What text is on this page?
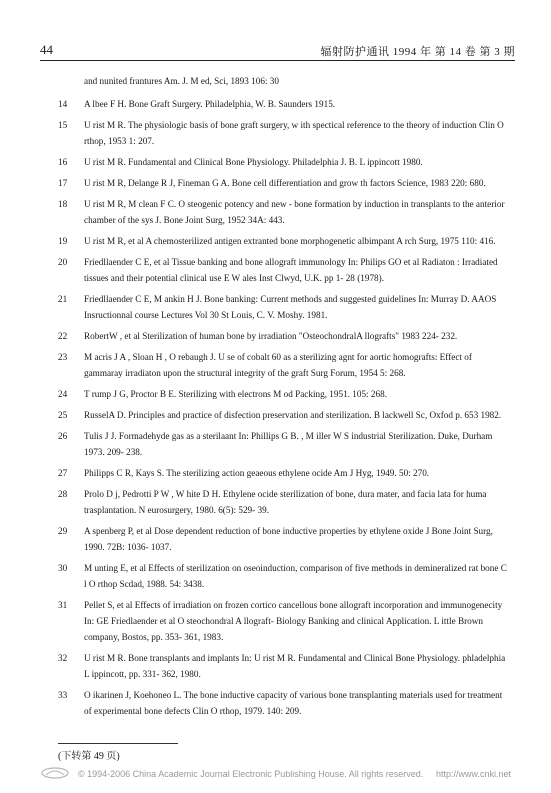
44	辐射防护通讯 1994 年 第 14 卷 第 3 期
and nunited frantures Am. J. M ed, Sci, 1893 106: 30
14 A lbee F H. Bone Graft Surgery. Philadelphia, W. B. Saunders 1915.
15 U rist M R. The physiologic basis of bone graft surgery, w ith spectical reference to the theory of induction Clin O rthop, 1953 1: 207.
16 U rist M R. Fundamental and Clinical Bone Physiology. Philadelphia J. B. L ippincott 1980.
17 U rist M R, Delange R J, Fineman G A. Bone cell differentiation and grow th factors Science, 1983 220: 680.
18 U rist M R, M clean F C. O steogenic potency and new - bone formation by induction in transplants to the anterior chamber of the sys J. Bone Joint Surg, 1952 34A: 443.
19 U rist M R, et al A chemosterilized antigen extranted bone morphogenetic albimpant A rch Surg, 1975 110: 416.
20 Friedllaender C E, et al Tissue banking and bone allograft immunology In: Philips GO et al Radiaton : Irradiated tissues and their potential clinical use E W ales Inst Clwyd, U.K. pp 1- 28 (1978).
21 Friedllaender C E, M ankin H J. Bone banking: Current methods and suggested guidelines In: Murray D. AAOS Insructionnal course Lectures Vol 30 St Louis, C. V. Moshy. 1981.
22 RobertW , et al Sterilization of human bone by irradiation "OsteochondralA llografts" 1983 224- 232.
23 M acris J A , Sloan H , O rebaugh J. U se of cobalt 60 as a sterilizing agnt for aortic homografts: Effect of gammaray irradiaton upon the structural integrity of the graft Surg Forum, 1954 5: 268.
24 T rump J G, Proctor B E. Sterilizing with electrons M od Packing, 1951. 105: 268.
25 RusselA D. Principles and practice of disfection preservation and sterilization. B lackwell Sc, Oxfod p. 653 1982.
26 Tulis J J. Formadehyde gas as a sterilaant In: Phillips G B. , M iller W S industrial Sterilization. Duke, Durham 1973. 209- 238.
27 Philipps C R, Kays S. The sterilizing action geaeous ethylene ocide Am J Hyg, 1949. 50: 270.
28 Prolo D j, Pedrotti P W , W hite D H. Ethylene ocide sterilization of bone, dura mater, and facia lata for huma trasplantation. N eurosurgery, 1980. 6(5): 529- 39.
29 A spenberg P, et al Dose dependent reduction of bone inductive properties by ethylene oxide J Bone Joint Surg, 1990. 72B: 1036- 1037.
30 M unting E, et al Effects of sterilization on oseoinduction, comparison of five methods in demineralized rat bone C l O rthop Scdad, 1988. 54: 3438.
31 Pellet S, et al Effects of irradiation on frozen cortico cancellous bone allograft incorporation and immunogenecity In: GE Friedlaender et al O steochondral A llograft- Biology Banking and clinical Application. L ittle Brown company, Bostos, pp. 353- 361, 1983.
32 U rist M R. Bone transplants and implants In: U rist M R. Fundamental and Clinical Bone Physiology. phladelphia L ippincott, pp. 331- 362, 1980.
33 O ikarinen J, Koehoneo L. The bone inductive capacity of various bone transplanting materials used for treatment of experimental bone defects Clin O rthop, 1979. 140: 209.
(下转第 49 页)
© 1994-2006 China Academic Journal Electronic Publishing House. All rights reserved. http://www.cnki.net
